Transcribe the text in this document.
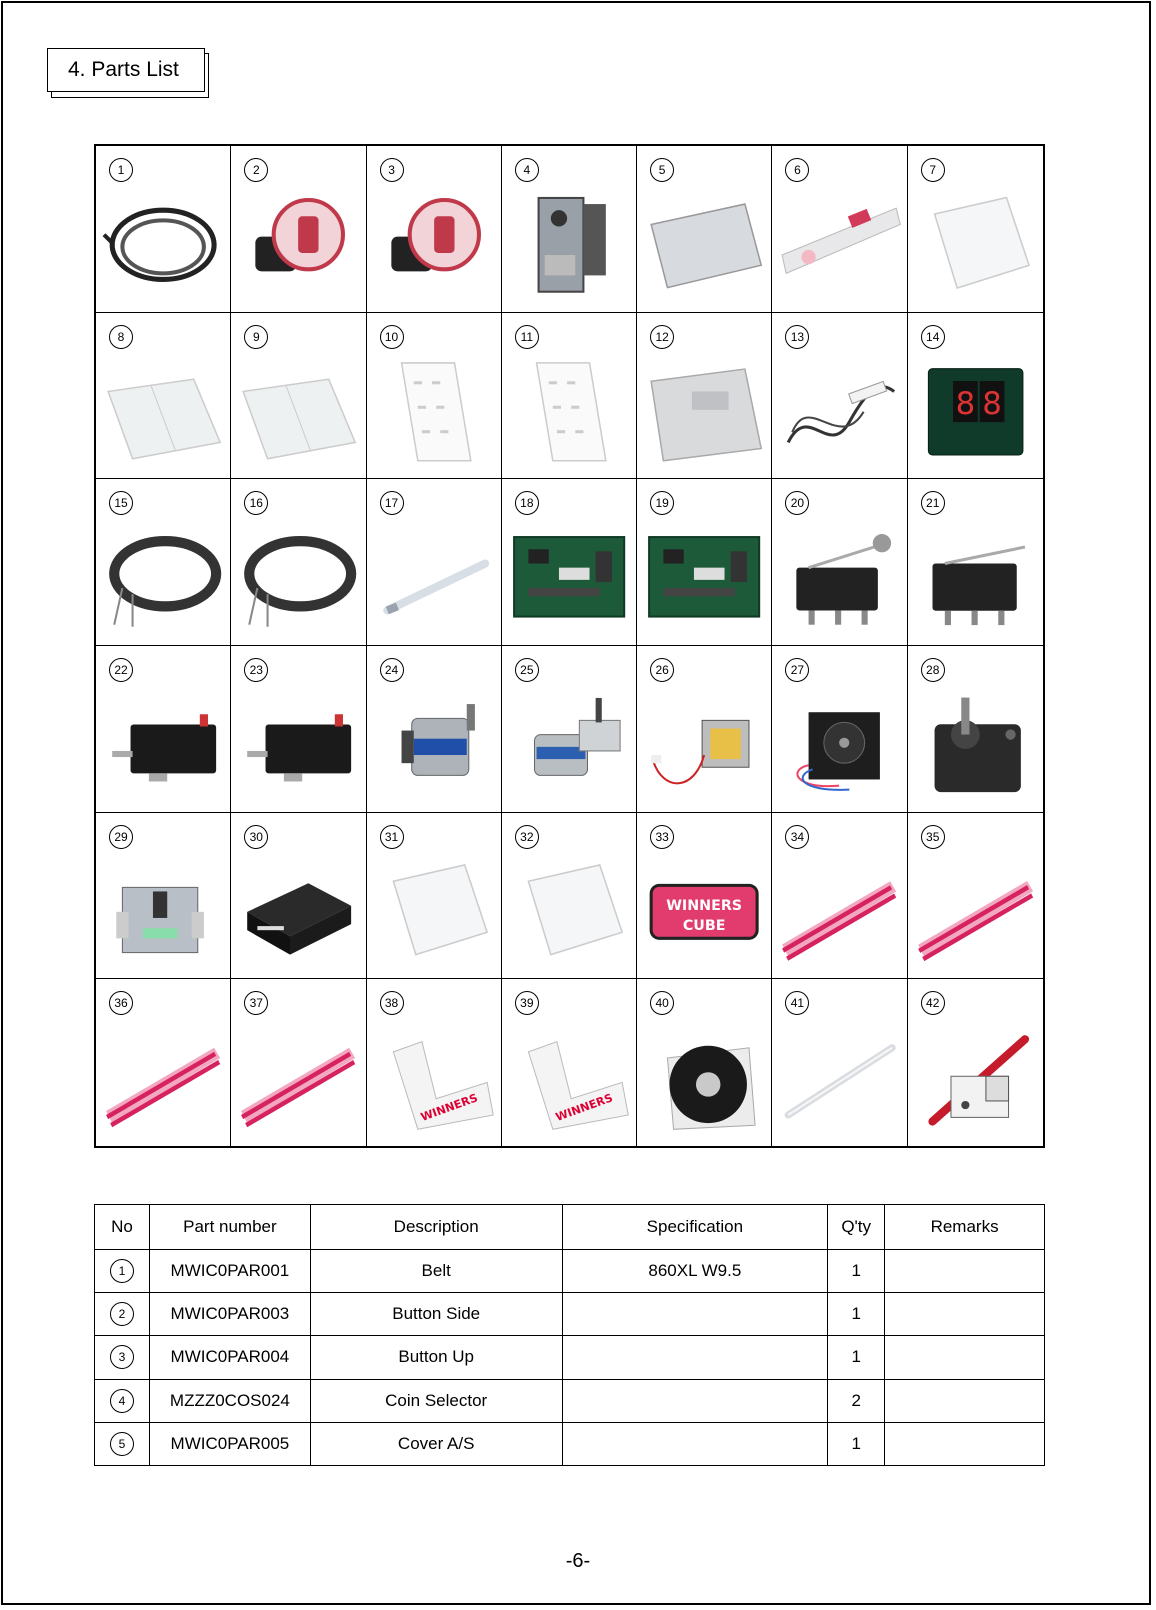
4. Parts List
1	2	3	4	5	6	7
8	9	10	11	12	13	14
8 8
15	16	17	18	19	20	21
22	23	24	25	26	27	28
29	30	31	32	33
WINNERS
CUBE
34	35
36	37	38
WINNERS
39
WINNERS
40	41	42
No	Part number	Description	Specification	Q'ty	Remarks
1	MWIC0PAR001	Belt	860XL W9.5	1	
2	MWIC0PAR003	Button Side		1	
3	MWIC0PAR004	Button Up		1	
4	MZZZ0COS024	Coin Selector		2	
5	MWIC0PAR005	Cover A/S		1	
-6-
